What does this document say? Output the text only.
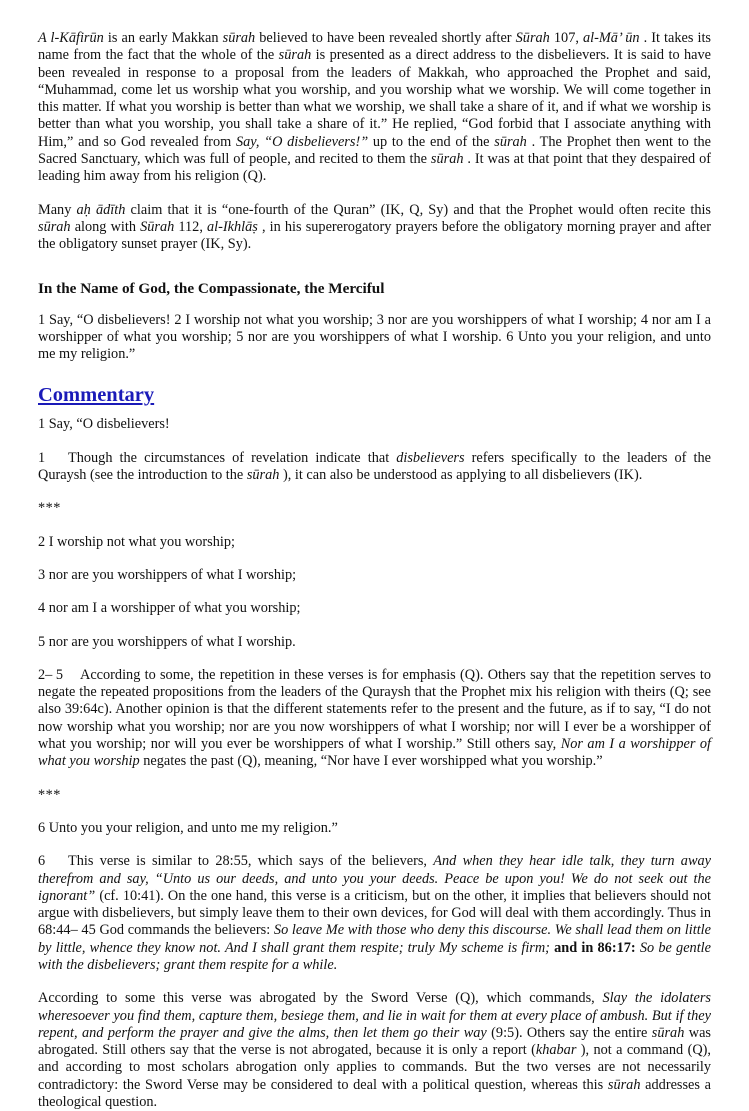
A l-Kāfirūn is an early Makkan sūrah believed to have been revealed shortly after Sūrah 107, al-Mā’ ūn . It takes its name from the fact that the whole of the sūrah is presented as a direct address to the disbelievers. It is said to have been revealed in response to a proposal from the leaders of Makkah, who approached the Prophet and said, “Muhammad, come let us worship what you worship, and you worship what we worship. We will come together in this matter. If what you worship is better than what we worship, we shall take a share of it, and if what we worship is better than what you worship, you shall take a share of it.” He replied, “God forbid that I associate anything with Him,” and so God revealed from Say, “O disbelievers!” up to the end of the sūrah . The Prophet then went to the Sacred Sanctuary, which was full of people, and recited to them the sūrah . It was at that point that they despaired of leading him away from his religion (Q).

Many aḥ ādīth claim that it is “one-fourth of the Quran” (IK, Q, Sy) and that the Prophet would often recite this sūrah along with Sūrah 112, al-Ikhlāṣ , in his supererogatory prayers before the obligatory morning prayer and after the obligatory sunset prayer (IK, Sy).

In the Name of God, the Compassionate, the Merciful

1 Say, “O disbelievers! 2 I worship not what you worship; 3 nor are you worshippers of what I worship; 4 nor am I a worshipper of what you worship; 5 nor are you worshippers of what I worship. 6 Unto you your religion, and unto me my religion.”

Commentary

1 Say, “O disbelievers!

1 Though the circumstances of revelation indicate that disbelievers refers specifically to the leaders of the Quraysh (see the introduction to the sūrah ), it can also be understood as applying to all disbelievers (IK).

***

2 I worship not what you worship;

3 nor are you worshippers of what I worship;

4 nor am I a worshipper of what you worship;

5 nor are you worshippers of what I worship.

2– 5 According to some, the repetition in these verses is for emphasis (Q). Others say that the repetition serves to negate the repeated propositions from the leaders of the Quraysh that the Prophet mix his religion with theirs (Q; see also 39:64c). Another opinion is that the different statements refer to the present and the future, as if to say, “I do not now worship what you worship; nor are you now worshippers of what I worship; nor will I ever be a worshipper of what you worship; nor will you ever be worshippers of what I worship.” Still others say, Nor am I a worshipper of what you worship negates the past (Q), meaning, “Nor have I ever worshipped what you worship.”

***

6 Unto you your religion, and unto me my religion.”

6 This verse is similar to 28:55, which says of the believers, And when they hear idle talk, they turn away therefrom and say, “Unto us our deeds, and unto you your deeds. Peace be upon you! We do not seek out the ignorant” (cf. 10:41). On the one hand, this verse is a criticism, but on the other, it implies that believers should not argue with disbelievers, but simply leave them to their own devices, for God will deal with them accordingly. Thus in 68:44– 45 God commands the believers: So leave Me with those who deny this discourse. We shall lead them on little by little, whence they know not. And I shall grant them respite; truly My scheme is firm; and in 86:17: So be gentle with the disbelievers; grant them respite for a while.

According to some this verse was abrogated by the Sword Verse (Q), which commands, Slay the idolaters wheresoever you find them, capture them, besiege them, and lie in wait for them at every place of ambush. But if they repent, and perform the prayer and give the alms, then let them go their way (9:5). Others say the entire sūrah was abrogated. Still others say that the verse is not abrogated, because it is only a report (khabar ), not a command (Q), and according to most scholars abrogation only applies to commands. But the two verses are not necessarily contradictory: the Sword Verse may be considered to deal with a political question, whereas this sūrah addresses a theological question.
